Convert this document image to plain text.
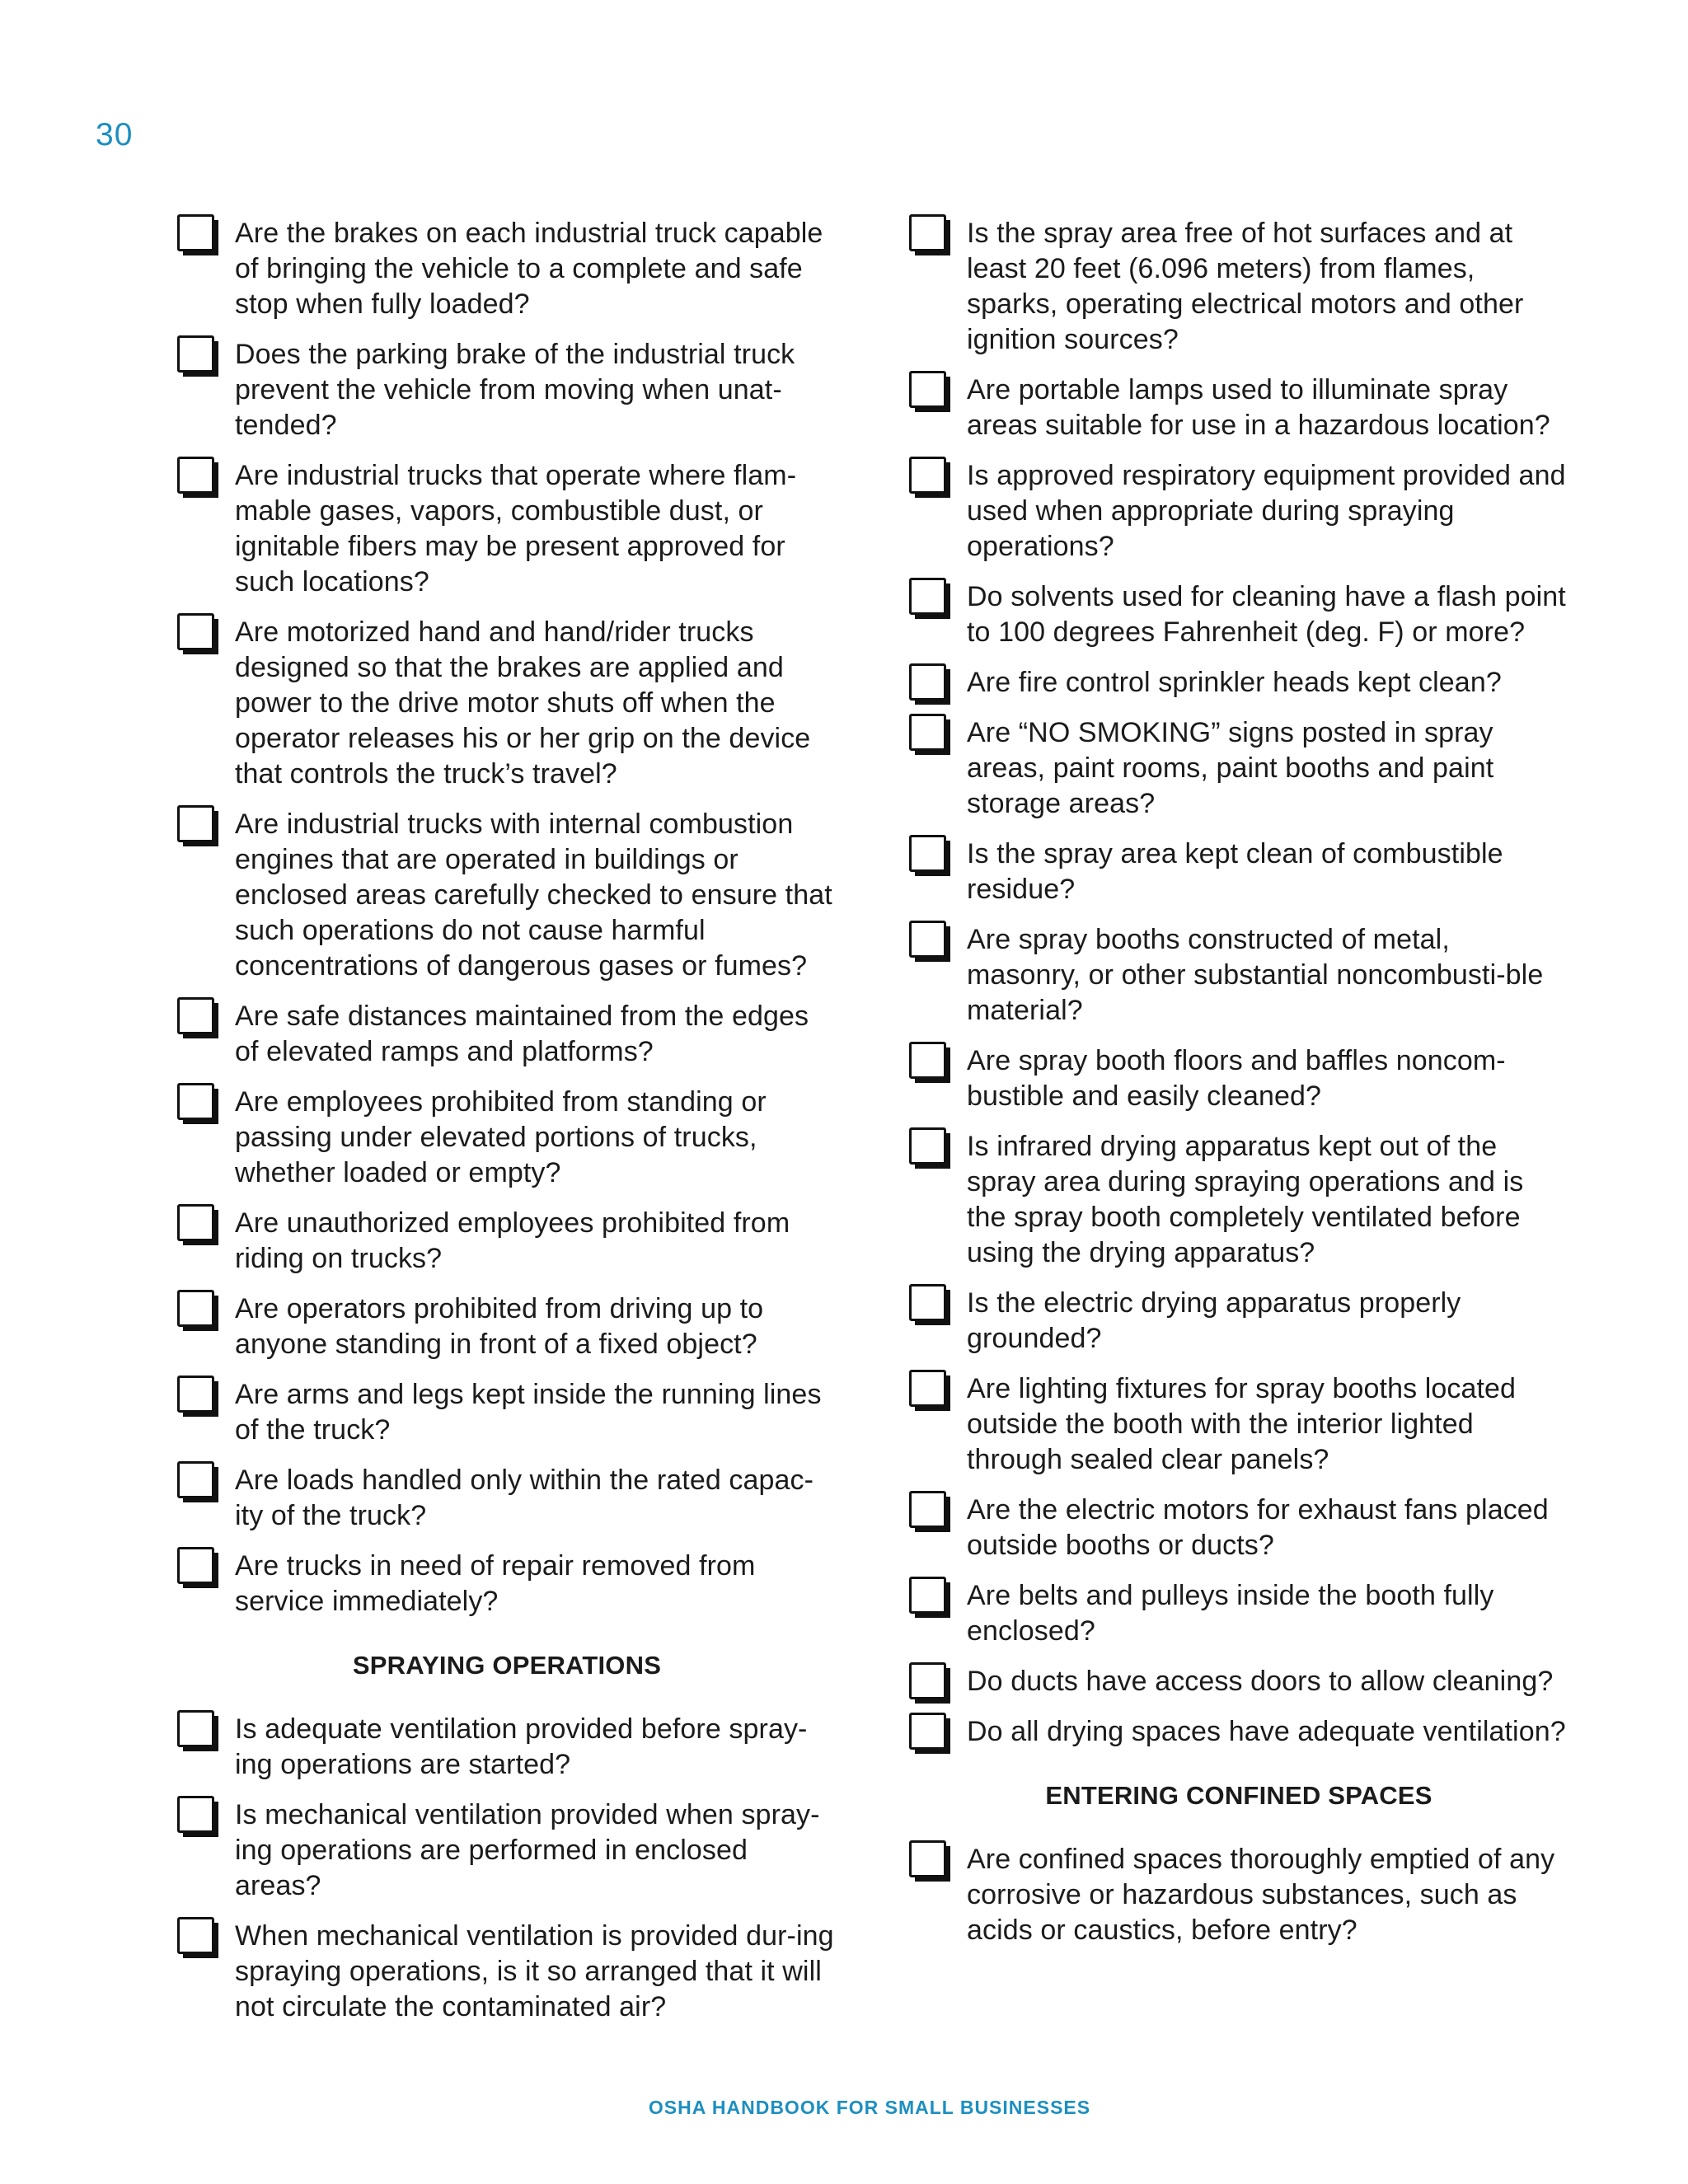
30
Are the brakes on each industrial truck capable of bringing the vehicle to a complete and safe stop when fully loaded?
Does the parking brake of the industrial truck prevent the vehicle from moving when unat-tended?
Are industrial trucks that operate where flam-mable gases, vapors, combustible dust, or ignitable fibers may be present approved for such locations?
Are motorized hand and hand/rider trucks designed so that the brakes are applied and power to the drive motor shuts off when the operator releases his or her grip on the device that controls the truck’s travel?
Are industrial trucks with internal combustion engines that are operated in buildings or enclosed areas carefully checked to ensure that such operations do not cause harmful concentrations of dangerous gases or fumes?
Are safe distances maintained from the edges of elevated ramps and platforms?
Are employees prohibited from standing or passing under elevated portions of trucks, whether loaded or empty?
Are unauthorized employees prohibited from riding on trucks?
Are operators prohibited from driving up to anyone standing in front of a fixed object?
Are arms and legs kept inside the running lines of the truck?
Are loads handled only within the rated capac-ity of the truck?
Are trucks in need of repair removed from service immediately?
SPRAYING OPERATIONS
Is adequate ventilation provided before spray-ing operations are started?
Is mechanical ventilation provided when spray-ing operations are performed in enclosed areas?
When mechanical ventilation is provided dur-ing spraying operations, is it so arranged that it will not circulate the contaminated air?
Is the spray area free of hot surfaces and at least 20 feet (6.096 meters) from flames, sparks, operating electrical motors and other ignition sources?
Are portable lamps used to illuminate spray areas suitable for use in a hazardous location?
Is approved respiratory equipment provided and used when appropriate during spraying operations?
Do solvents used for cleaning have a flash point to 100 degrees Fahrenheit (deg. F) or more?
Are fire control sprinkler heads kept clean?
Are “NO SMOKING” signs posted in spray areas, paint rooms, paint booths and paint storage areas?
Is the spray area kept clean of combustible residue?
Are spray booths constructed of metal, masonry, or other substantial noncombusti-ble material?
Are spray booth floors and baffles noncom-bustible and easily cleaned?
Is infrared drying apparatus kept out of the spray area during spraying operations and is the spray booth completely ventilated before using the drying apparatus?
Is the electric drying apparatus properly grounded?
Are lighting fixtures for spray booths located outside the booth with the interior lighted through sealed clear panels?
Are the electric motors for exhaust fans placed outside booths or ducts?
Are belts and pulleys inside the booth fully enclosed?
Do ducts have access doors to allow cleaning?
Do all drying spaces have adequate ventilation?
ENTERING CONFINED SPACES
Are confined spaces thoroughly emptied of any corrosive or hazardous substances, such as acids or caustics, before entry?
OSHA HANDBOOK FOR SMALL BUSINESSES
